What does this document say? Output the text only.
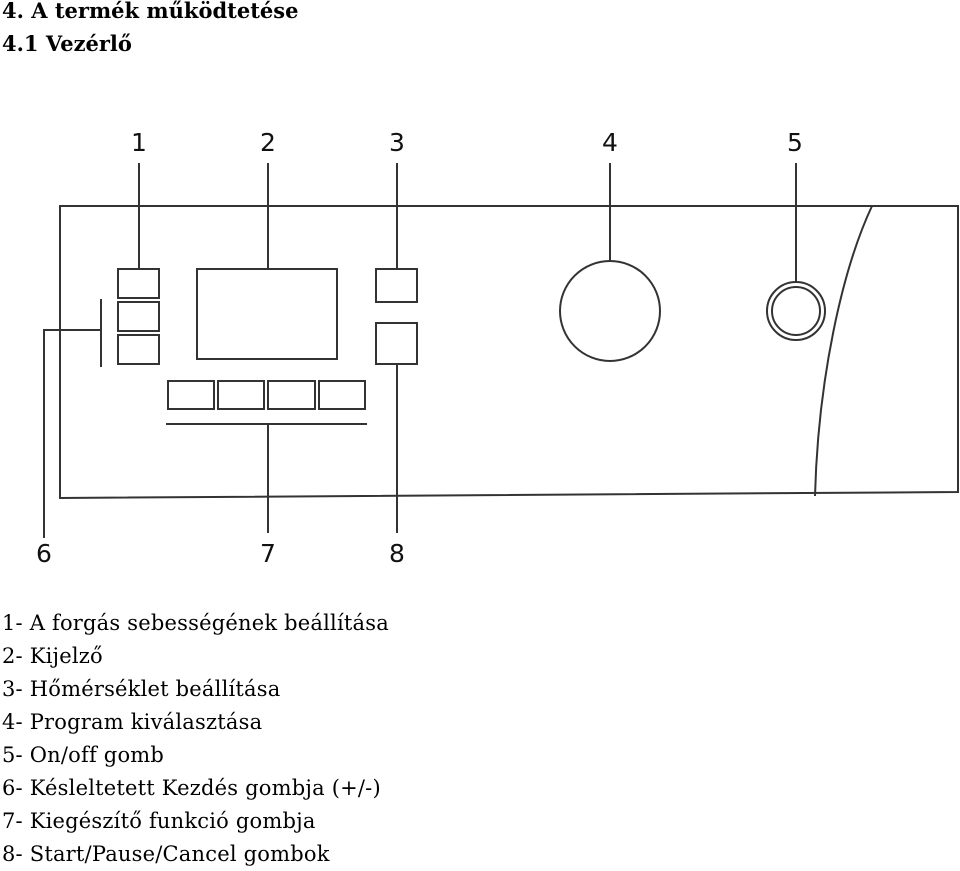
4. A termék működtetése
4.1 Vezérlő
1	2	3	4	5
6	7	8
1- A forgás sebességének beállítása
2- Kijelző
3- Hőmérséklet beállítása
4- Program kiválasztása
5- On/off gomb
6- Késleltetett Kezdés gombja (+/-)
7- Kiegészítő funkció gombja
8- Start/Pause/Cancel gombok
